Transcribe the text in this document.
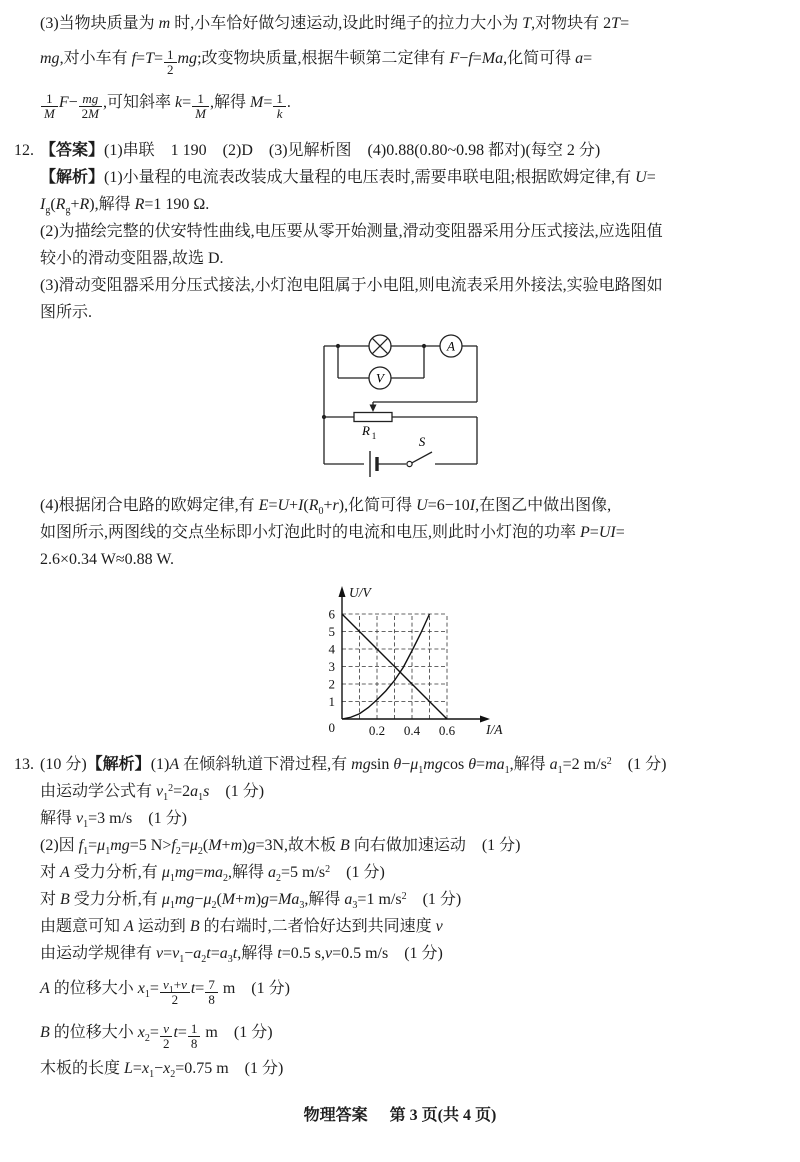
(3)当物块质量为 m 时,小车恰好做匀速运动,设此时绳子的拉力大小为 T,对物块有 2T=
mg,对小车有 $f=T= \frac{1}{2}$ mg;改变物块质量,根据牛顿第二定律有 F−f=Ma,化简可得 a=
$\frac{1}{M} F- \frac{mg}{2M}$ ,可知斜率 $k= \frac{1}{M}$ ,解得 $M= \frac{1}{k}$ .
12. 【答案】(1)串联 1 190 (2)D (3)见解析图 (4)0.88(0.80~0.98 都对)(每空 2 分)
【解析】(1)小量程的电流表改装成大量程的电压表时,需要串联电阻;根据欧姆定律,有 U=
$I_g(R_g+R)$,解得 R=1 190 Ω.
(2)为描绘完整的伏安特性曲线,电压要从零开始测量,滑动变阻器采用分压式接法,应选阻值
较小的滑动变阻器,故选 D.
(3)滑动变阻器采用分压式接法,小灯泡电阻属于小电阻,则电流表采用外接法,实验电路图如
图所示.
A
V
R 1	S
(4)根据闭合电路的欧姆定律,有 $E=U+I(R_0+r)$,化简可得 U=6−10I,在图乙中做出图像,
如图所示,两图线的交点坐标即小灯泡此时的电流和电压,则此时小灯泡的功率 P=UI=
2.6×0.34 W≈0.88 W.
U/V
I/A
1
2
3
4
5
6
0	0.2 0.4 0.6
13. (10 分)【解析】(1)A 在倾斜轨道下滑过程,有 mgsin $\theta-\mu_1mgcos$ $\theta=ma_1$,解得 $a_1=2$ $m/s^2$ (1 分)
由运动学公式有 $v_1^2=2a_1s$ (1 分)
解得 $v_1=3$ m/s (1 分)
(2)因 $f_1=\mu_1mg=5$ $N>f_2=\mu_2(M+m)g=3N$,故木板 B 向右做加速运动 (1 分)
对 A 受力分析,有 $\mu_1mg=ma_2$,解得 $a_2=5$ $m/s^2$ (1 分)
对 B 受力分析,有 $\mu_1mg-\mu_2(M+m)g=Ma_3$,解得 $a_3=1$ $m/s^2$ (1 分)
由题意可知 A 运动到 B 的右端时,二者恰好达到共同速度 v
由运动学规律有 $v=v_1-a_2t=a_3t$,解得 t=0.5 s,v=0.5 m/s (1 分)
A 的位移大小 $x_1= \frac{v_1+v}{2} t= \frac{7}{8}$ m (1 分)
B 的位移大小 $x_2= \frac{v}{2} t= \frac{1}{8}$ m (1 分)
木板的长度 $L=x_1-x_2=0.75$ m (1 分)
物理答案 第 3 页(共 4 页)
